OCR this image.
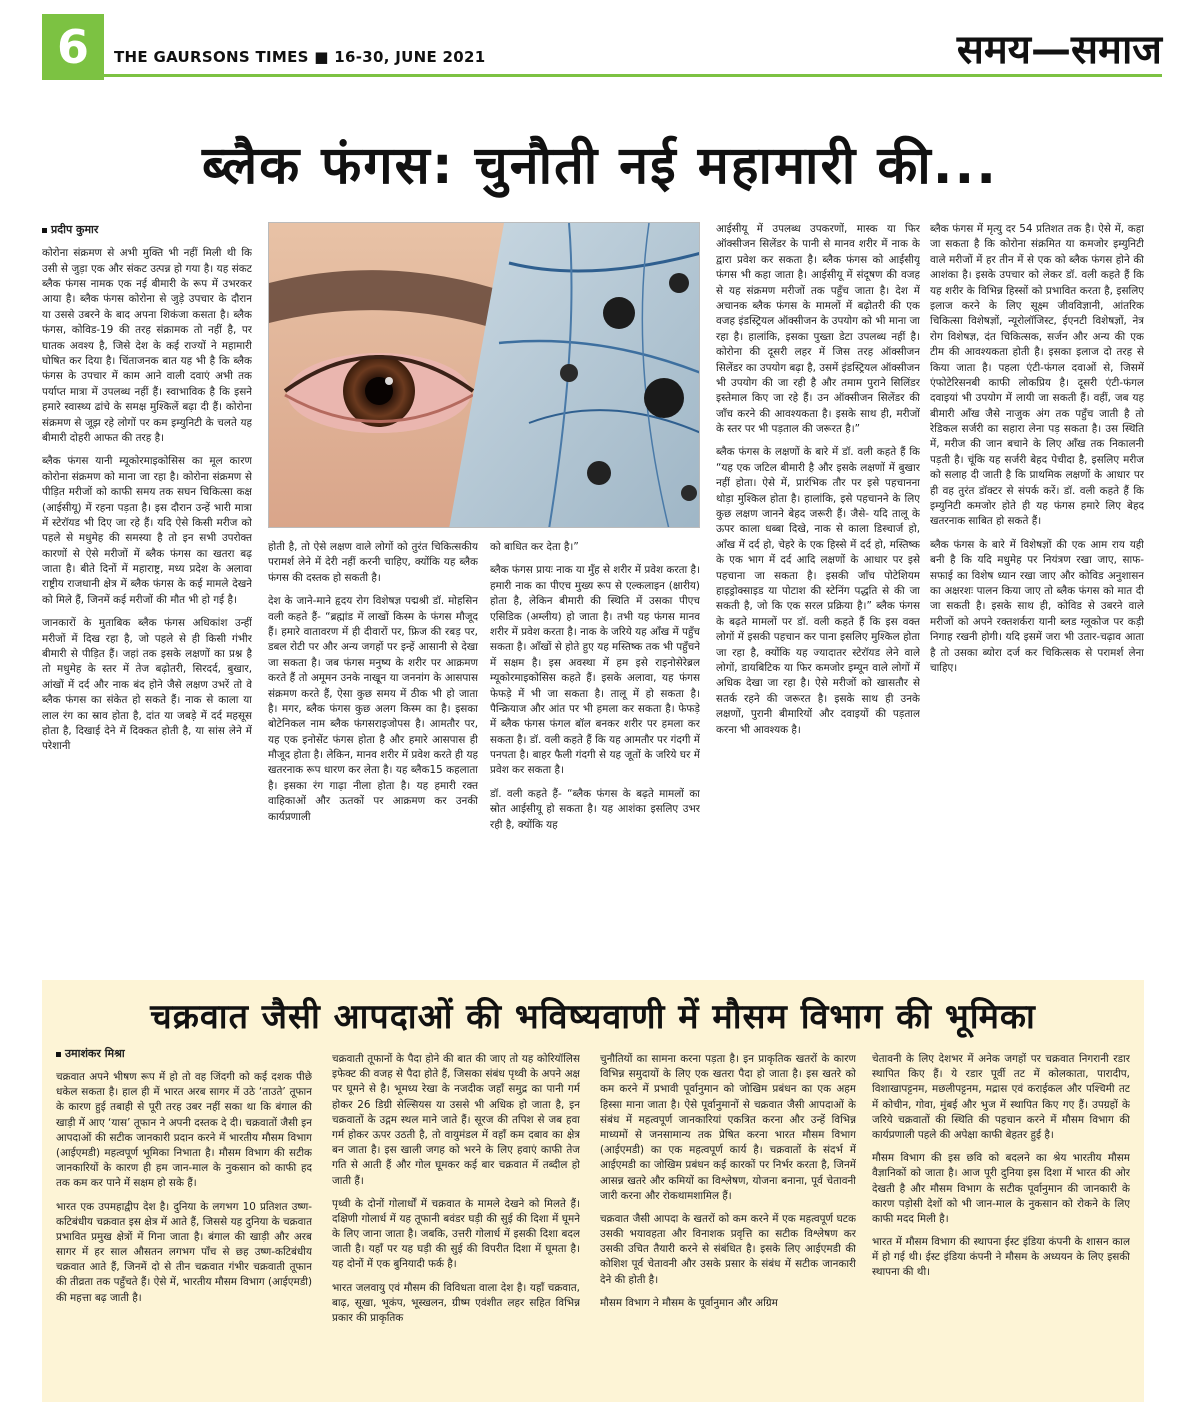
6	THE GAURSONS TIMES ■ 16-30, JUNE 2021	समय—समाज
ब्लैक फंगस: चुनौती नई महामारी की...
प्रदीप कुमार

कोरोना संक्रमण से अभी मुक्ति भी नहीं मिली थी कि उसी से जुड़ा एक और संकट उत्पन्न हो गया है। यह संकट ब्लैक फंगस नामक एक नई बीमारी के रूप में उभरकर आया है। ब्लैक फंगस कोरोना से जुड़े उपचार के दौरान या उससे उबरने के बाद अपना शिकंजा कसता है। ब्लैक फंगस, कोविड-19 की तरह संक्रामक तो नहीं है, पर घातक अवश्य है, जिसे देश के कई राज्यों ने महामारी घोषित कर दिया है। चिंताजनक बात यह भी है कि ब्लैक फंगस के उपचार में काम आने वाली दवाएं अभी तक पर्याप्त मात्रा में उपलब्ध नहीं हैं। स्वाभाविक है कि इसने हमारे स्वास्थ्य ढांचे के समक्ष मुश्किलें बढ़ा दी हैं। कोरोना संक्रमण से जूझ रहे लोगों पर कम इम्युनिटी के चलते यह बीमारी दोहरी आफत की तरह है।

ब्लैक फंगस यानी म्यूकोरमाइकोसिस का मूल कारण कोरोना संक्रमण को माना जा रहा है। कोरोना संक्रमण से पीड़ित मरीजों को काफी समय तक सघन चिकित्सा कक्ष (आईसीयू) में रहना पड़ता है। इस दौरान उन्हें भारी मात्रा में स्टेरॉयड भी दिए जा रहे हैं। यदि ऐसे किसी मरीज को पहले से मधुमेह की समस्या है तो इन सभी उपरोक्त कारणों से ऐसे मरीजों में ब्लैक फंगस का खतरा बढ़ जाता है। बीते दिनों में महाराष्ट्र, मध्य प्रदेश के अलावा राष्ट्रीय राजधानी क्षेत्र में ब्लैक फंगस के कई मामले देखने को मिले हैं, जिनमें कई मरीजों की मौत भी हो गई है।

जानकारों के मुताबिक ब्लैक फंगस अधिकांश उन्हीं मरीजों में दिख रहा है, जो पहले से ही किसी गंभीर बीमारी से पीड़ित हैं। जहां तक इसके लक्षणों का प्रश्न है तो मधुमेह के स्तर में तेज बढ़ोतरी, सिरदर्द, बुखार, आंखों में दर्द और नाक बंद होने जैसे लक्षण उभरें तो वे ब्लैक फंगस का संकेत हो सकते हैं। नाक से काला या लाल रंग का स्राव होता है, दांत या जबड़े में दर्द महसूस होता है, दिखाई देने में दिक्कत होती है, या सांस लेने में परेशानी

होती है, तो ऐसे लक्षण वाले लोगों को तुरंत चिकित्सकीय परामर्श लेने में देरी नहीं करनी चाहिए, क्योंकि यह ब्लैक फंगस की दस्तक हो सकती है।

देश के जाने-माने हृदय रोग विशेषज्ञ पद्मश्री डॉ. मोहसिन वली कहते हैं- “ब्रह्मांड में लाखों किस्म के फंगस मौजूद हैं। हमारे वातावरण में ही दीवारों पर, फ्रिज की रबड़ पर, डबल रोटी पर और अन्य जगहों पर इन्हें आसानी से देखा जा सकता है। जब फंगस मनुष्य के शरीर पर आक्रमण करते हैं तो अमूमन उनके नाखून या जननांग के आसपास संक्रमण करते हैं, ऐसा कुछ समय में ठीक भी हो जाता है। मगर, ब्लैक फंगस कुछ अलग किस्म का है। इसका बोटेनिकल नाम ब्लैक फंगसराइजोपस है। आमतौर पर, यह एक इनोसेंट फंगस होता है और हमारे आसपास ही मौजूद होता है। लेकिन, मानव शरीर में प्रवेश करते ही यह खतरनाक रूप धारण कर लेता है। यह ब्लैक15 कहलाता है। इसका रंग गाढ़ा नीला होता है। यह हमारी रक्त वाहिकाओं और ऊतकों पर आक्रमण कर उनकी कार्यप्रणाली

को बाधित कर देता है।”

ब्लैक फंगस प्रायः नाक या मुँह से शरीर में प्रवेश करता है। हमारी नाक का पीएच मुख्य रूप से एल्कलाइन (क्षारीय) होता है, लेकिन बीमारी की स्थिति में उसका पीएच एसिडिक (अम्लीय) हो जाता है। तभी यह फंगस मानव शरीर में प्रवेश करता है। नाक के जरिये यह आँख में पहुँच सकता है। आँखों से होते हुए यह मस्तिष्क तक भी पहुँचने में सक्षम है। इस अवस्था में हम इसे राइनोसेरेब्रल म्यूकोरमाइकोसिस कहते हैं। इसके अलावा, यह फंगस फेफड़े में भी जा सकता है। तालू में हो सकता है। पैन्क्रियाज और आंत पर भी हमला कर सकता है। फेफड़े में ब्लैक फंगस फंगल बॉल बनकर शरीर पर हमला कर सकता है। डॉ. वली कहते हैं कि यह आमतौर पर गंदगी में पनपता है। बाहर फैली गंदगी से यह जूतों के जरिये घर में प्रवेश कर सकता है।

डॉ. वली कहते हैं- “ब्लैक फंगस के बढ़ते मामलों का स्रोत आईसीयू हो सकता है। यह आशंका इसलिए उभर रही है, क्योंकि यह

आईसीयू में उपलब्ध उपकरणों, मास्क या फिर ऑक्सीजन सिलेंडर के पानी से मानव शरीर में नाक के द्वारा प्रवेश कर सकता है। ब्लैक फंगस को आईसीयू फंगस भी कहा जाता है। आईसीयू में संदूषण की वजह से यह संक्रमण मरीजों तक पहुँच जाता है। देश में अचानक ब्लैक फंगस के मामलों में बढ़ोतरी की एक वजह इंडस्ट्रियल ऑक्सीजन के उपयोग को भी माना जा रहा है। हालांकि, इसका पुख्ता डेटा उपलब्ध नहीं है। कोरोना की दूसरी लहर में जिस तरह ऑक्सीजन सिलेंडर का उपयोग बढ़ा है, उसमें इंडस्ट्रियल ऑक्सीजन भी उपयोग की जा रही है और तमाम पुराने सिलिंडर इस्तेमाल किए जा रहे हैं। उन ऑक्सीजन सिलेंडर की जाँच करने की आवश्यकता है। इसके साथ ही, मरीजों के स्तर पर भी पड़ताल की जरूरत है।”

ब्लैक फंगस के लक्षणों के बारे में डॉ. वली कहते हैं कि “यह एक जटिल बीमारी है और इसके लक्षणों में बुखार नहीं होता। ऐसे में, प्रारंभिक तौर पर इसे पहचानना थोड़ा मुश्किल होता है। हालांकि, इसे पहचानने के लिए कुछ लक्षण जानने बेहद जरूरी हैं। जैसे- यदि तालू के ऊपर काला धब्बा दिखे, नाक से काला डिस्चार्ज हो, आँख में दर्द हो, चेहरे के एक हिस्से में दर्द हो, मस्तिष्क के एक भाग में दर्द आदि लक्षणों के आधार पर इसे पहचाना जा सकता है। इसकी जाँच पोटेशियम हाइड्रोक्साइड या पोटाश की स्टेनिंग पद्धति से की जा सकती है, जो कि एक सरल प्रक्रिया है।” ब्लैक फंगस के बढ़ते मामलों पर डॉ. वली कहते हैं कि इस वक्त लोगों में इसकी पहचान कर पाना इसलिए मुश्किल होता जा रहा है, क्योंकि यह ज्यादातर स्टेरॉयड लेने वाले लोगों, डायबिटिक या फिर कमजोर इम्यून वाले लोगों में अधिक देखा जा रहा है। ऐसे मरीजों को खासतौर से सतर्क रहने की जरूरत है। इसके साथ ही उनके लक्षणों, पुरानी बीमारियों और दवाइयों की पड़ताल करना भी आवश्यक है।

ब्लैक फंगस में मृत्यु दर 54 प्रतिशत तक है। ऐसे में, कहा जा सकता है कि कोरोना संक्रमित या कमजोर इम्युनिटी वाले मरीजों में हर तीन में से एक को ब्लैक फंगस होने की आशंका है। इसके उपचार को लेकर डॉ. वली कहते हैं कि यह शरीर के विभिन्न हिस्सों को प्रभावित करता है, इसलिए इलाज करने के लिए सूक्ष्म जीवविज्ञानी, आंतरिक चिकित्सा विशेषज्ञों, न्यूरोलॉजिस्ट, ईएनटी विशेषज्ञों, नेत्र रोग विशेषज्ञ, दंत चिकित्सक, सर्जन और अन्य की एक टीम की आवश्यकता होती है। इसका इलाज दो तरह से किया जाता है। पहला एंटी-फंगल दवाओं से, जिसमें एंफोटेरिसनबी काफी लोकप्रिय है। दूसरी एंटी-फंगल दवाइयां भी उपयोग में लायी जा सकती हैं। वहीं, जब यह बीमारी आँख जैसे नाजुक अंग तक पहुँच जाती है तो रेडिकल सर्जरी का सहारा लेना पड़ सकता है। उस स्थिति में, मरीज की जान बचाने के लिए आँख तक निकालनी पड़ती है। चूंकि यह सर्जरी बेहद पेचीदा है, इसलिए मरीज को सलाह दी जाती है कि प्राथमिक लक्षणों के आधार पर ही वह तुरंत डॉक्टर से संपर्क करें। डॉ. वली कहते हैं कि इम्युनिटी कमजोर होते ही यह फंगस हमारे लिए बेहद खतरनाक साबित हो सकते हैं।

ब्लैक फंगस के बारे में विशेषज्ञों की एक आम राय यही बनी है कि यदि मधुमेह पर नियंत्रण रखा जाए, साफ-सफाई का विशेष ध्यान रखा जाए और कोविड अनुशासन का अक्षरशः पालन किया जाए तो ब्लैक फंगस को मात दी जा सकती है। इसके साथ ही, कोविड से उबरने वाले मरीजों को अपने रक्तशर्करा यानी ब्लड ग्लूकोज पर कड़ी निगाह रखनी होगी। यदि इसमें जरा भी उतार-चढ़ाव आता है तो उसका ब्योरा दर्ज कर चिकित्सक से परामर्श लेना चाहिए।

चक्रवात जैसी आपदाओं की भविष्यवाणी में मौसम विभाग की भूमिका
उमाशंकर मिश्रा

चक्रवात अपने भीषण रूप में हो तो वह जिंदगी को कई दशक पीछे धकेल सकता है। हाल ही में भारत अरब सागर में उठे ‘ताउते’ तूफान के कारण हुई तबाही से पूरी तरह उबर नहीं सका था कि बंगाल की खाड़ी में आए ‘यास’ तूफान ने अपनी दस्तक दे दी। चक्रवातों जैसी इन आपदाओं की सटीक जानकारी प्रदान करने में भारतीय मौसम विभाग (आईएमडी) महत्वपूर्ण भूमिका निभाता है। मौसम विभाग की सटीक जानकारियों के कारण ही हम जान-माल के नुकसान को काफी हद तक कम कर पाने में सक्षम हो सके हैं।

भारत एक उपमहाद्वीप देश है। दुनिया के लगभग 10 प्रतिशत उष्ण-कटिबंधीय चक्रवात इस क्षेत्र में आते हैं, जिससे यह दुनिया के चक्रवात प्रभावित प्रमुख क्षेत्रों में गिना जाता है। बंगाल की खाड़ी और अरब सागर में हर साल औसतन लगभग पाँच से छह उष्ण-कटिबंधीय चक्रवात आते हैं, जिनमें दो से तीन चक्रवात गंभीर चक्रवाती तूफान की तीव्रता तक पहुँचते हैं। ऐसे में, भारतीय मौसम विभाग (आईएमडी) की महत्ता बढ़ जाती है।

चक्रवाती तूफानों के पैदा होने की बात की जाए तो यह कोरियॉलिस इफेक्ट की वजह से पैदा होते हैं, जिसका संबंध पृथ्वी के अपने अक्ष पर घूमने से है। भूमध्य रेखा के नजदीक जहाँ समुद्र का पानी गर्म होकर 26 डिग्री सेल्सियस या उससे भी अधिक हो जाता है, इन चक्रवातों के उद्गम स्थल माने जाते हैं। सूरज की तपिश से जब हवा गर्म होकर ऊपर उठती है, तो वायुमंडल में वहाँ कम दबाव का क्षेत्र बन जाता है। इस खाली जगह को भरने के लिए हवाएं काफी तेज गति से आती हैं और गोल घूमकर कई बार चक्रवात में तब्दील हो जाती हैं।

पृथ्वी के दोनों गोलार्धों में चक्रवात के मामले देखने को मिलते हैं। दक्षिणी गोलार्ध में यह तूफानी बवंडर घड़ी की सुई की दिशा में घूमने के लिए जाना जाता है। जबकि, उत्तरी गोलार्ध में इसकी दिशा बदल जाती है। यहाँ पर यह घड़ी की सुई की विपरीत दिशा में घूमता है। यह दोनों में एक बुनियादी फर्क है।

भारत जलवायु एवं मौसम की विविधता वाला देश है। यहाँ चक्रवात, बाढ़, सूखा, भूकंप, भूस्खलन, ग्रीष्म एवंशीत लहर सहित विभिन्न प्रकार की प्राकृतिक

चुनौतियों का सामना करना पड़ता है। इन प्राकृतिक खतरों के कारण विभिन्न समुदायों के लिए एक खतरा पैदा हो जाता है। इस खतरे को कम करने में प्रभावी पूर्वानुमान को जोखिम प्रबंधन का एक अहम हिस्सा माना जाता है। ऐसे पूर्वानुमानों से चक्रवात जैसी आपदाओं के संबंध में महत्वपूर्ण जानकारियां एकत्रित करना और उन्हें विभिन्न माध्यमों से जनसामान्य तक प्रेषित करना भारत मौसम विभाग (आईएमडी) का एक महत्वपूर्ण कार्य है। चक्रवातों के संदर्भ में आईएमडी का जोखिम प्रबंधन कई कारकों पर निर्भर करता है, जिनमें आसन्न खतरे और कमियों का विश्लेषण, योजना बनाना, पूर्व चेतावनी जारी करना और रोकथामशामिल हैं।

चक्रवात जैसी आपदा के खतरों को कम करने में एक महत्वपूर्ण घटक उसकी भयावहता और विनाशक प्रवृत्ति का सटीक विश्लेषण कर उसकी उचित तैयारी करने से संबंधित है। इसके लिए आईएमडी की कोशिश पूर्व चेतावनी और उसके प्रसार के संबंध में सटीक जानकारी देने की होती है।

मौसम विभाग ने मौसम के पूर्वानुमान और अग्रिम

चेतावनी के लिए देशभर में अनेक जगहों पर चक्रवात निगरानी रडार स्थापित किए हैं। ये रडार पूर्वी तट में कोलकाता, पारादीप, विशाखापट्टनम, मछलीपट्टनम, मद्रास एवं कराईकल और पश्चिमी तट में कोचीन, गोवा, मुंबई और भुज में स्थापित किए गए हैं। उपग्रहों के जरिये चक्रवातों की स्थिति की पहचान करने में मौसम विभाग की कार्यप्रणाली पहले की अपेक्षा काफी बेहतर हुई है।

मौसम विभाग की इस छवि को बदलने का श्रेय भारतीय मौसम वैज्ञानिकों को जाता है। आज पूरी दुनिया इस दिशा में भारत की ओर देखती है और मौसम विभाग के सटीक पूर्वानुमान की जानकारी के कारण पड़ोसी देशों को भी जान-माल के नुकसान को रोकने के लिए काफी मदद मिली है।

भारत में मौसम विभाग की स्थापना ईस्ट इंडिया कंपनी के शासन काल में हो गई थी। ईस्ट इंडिया कंपनी ने मौसम के अध्ययन के लिए इसकी स्थापना की थी।
